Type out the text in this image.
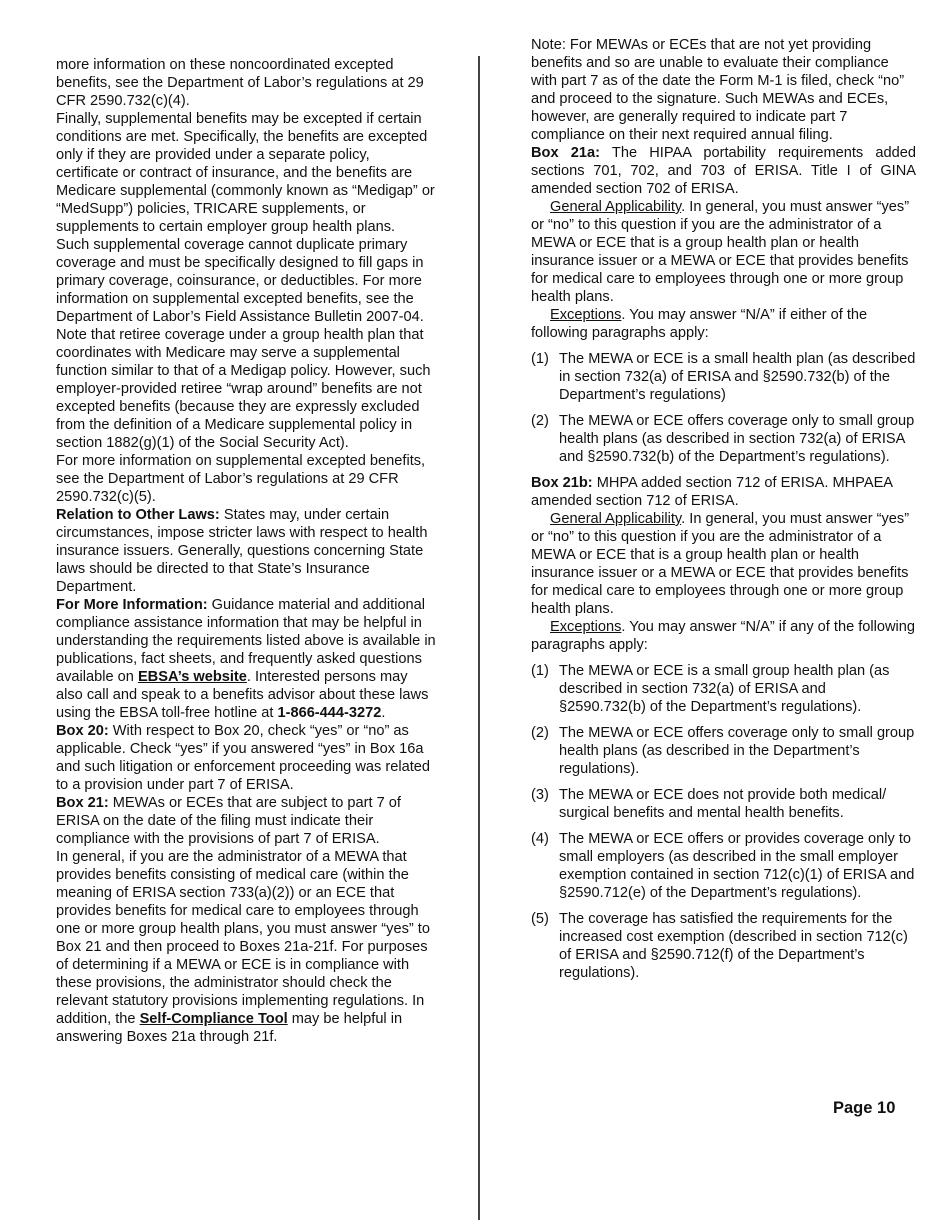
more information on these noncoordinated excepted benefits, see the Department of Labor’s regulations at 29 CFR 2590.732(c)(4).

Finally, supplemental benefits may be excepted if certain conditions are met. Specifically, the benefits are excepted only if they are provided under a separate policy, certificate or contract of insurance, and the benefits are Medicare supplemental (commonly known as “Medigap” or “MedSupp”) policies, TRICARE supplements, or supplements to certain employer group health plans.

Such supplemental coverage cannot duplicate primary coverage and must be specifically designed to fill gaps in primary coverage, coinsurance, or deductibles. For more information on supplemental excepted benefits, see the Department of Labor’s Field Assistance Bulletin 2007-04.

Note that retiree coverage under a group health plan that coordinates with Medicare may serve a supplemental function similar to that of a Medigap policy. However, such employer-provided retiree “wrap around” benefits are not excepted benefits (because they are expressly excluded from the definition of a Medicare supplemental policy in section 1882(g)(1) of the Social Security Act).

For more information on supplemental excepted benefits, see the Department of Labor’s regulations at 29 CFR 2590.732(c)(5).

Relation to Other Laws: States may, under certain circumstances, impose stricter laws with respect to health insurance issuers. Generally, questions concerning State laws should be directed to that State’s Insurance Department.

For More Information: Guidance material and additional compliance assistance information that may be helpful in understanding the requirements listed above is available in publications, fact sheets, and frequently asked questions available on EBSA’s website. Interested persons may also call and speak to a benefits advisor about these laws using the EBSA toll-free hotline at 1-866-444-3272.

Box 20: With respect to Box 20, check “yes” or “no” as applicable. Check “yes” if you answered “yes” in Box 16a and such litigation or enforcement proceeding was related to a provision under part 7 of ERISA.

Box 21: MEWAs or ECEs that are subject to part 7 of ERISA on the date of the filing must indicate their compliance with the provisions of part 7 of ERISA.

In general, if you are the administrator of a MEWA that provides benefits consisting of medical care (within the meaning of ERISA section 733(a)(2)) or an ECE that provides benefits for medical care to employees through one or more group health plans, you must answer “yes” to Box 21 and then proceed to Boxes 21a-21f. For purposes of determining if a MEWA or ECE is in compliance with these provisions, the administrator should check the relevant statutory provisions implementing regulations. In addition, the Self-Compliance Tool may be helpful in answering Boxes 21a through 21f.

Note: For MEWAs or ECEs that are not yet providing benefits and so are unable to evaluate their compliance with part 7 as of the date the Form M-1 is filed, check “no” and proceed to the signature. Such MEWAs and ECEs, however, are generally required to indicate part 7 compliance on their next required annual filing.

Box 21a: The HIPAA portability requirements added sections 701, 702, and 703 of ERISA. Title I of GINA amended section 702 of ERISA.

General Applicability. In general, you must answer “yes” or “no” to this question if you are the administrator of a MEWA or ECE that is a group health plan or health insurance issuer or a MEWA or ECE that provides benefits for medical care to employees through one or more group health plans.

Exceptions. You may answer “N/A” if either of the following paragraphs apply:

(1) The MEWA or ECE is a small health plan (as described in section 732(a) of ERISA and §2590.732(b) of the Department’s regulations)
(2) The MEWA or ECE offers coverage only to small group health plans (as described in section 732(a) of ERISA and §2590.732(b) of the Department’s regulations).

Box 21b: MHPA added section 712 of ERISA. MHPAEA amended section 712 of ERISA.

General Applicability. In general, you must answer “yes” or “no” to this question if you are the administrator of a MEWA or ECE that is a group health plan or health insurance issuer or a MEWA or ECE that provides benefits for medical care to employees through one or more group health plans.

Exceptions. You may answer “N/A” if any of the following paragraphs apply:

(1) The MEWA or ECE is a small group health plan (as described in section 732(a) of ERISA and §2590.732(b) of the Department’s regulations).
(2) The MEWA or ECE offers coverage only to small group health plans (as described in the Department’s regulations).
(3) The MEWA or ECE does not provide both medical/ surgical benefits and mental health benefits.
(4) The MEWA or ECE offers or provides coverage only to small employers (as described in the small employer exemption contained in section 712(c)(1) of ERISA and §2590.712(e) of the Department’s regulations).
(5) The coverage has satisfied the requirements for the increased cost exemption (described in section 712(c) of ERISA and §2590.712(f) of the Department’s regulations).
Page 10
